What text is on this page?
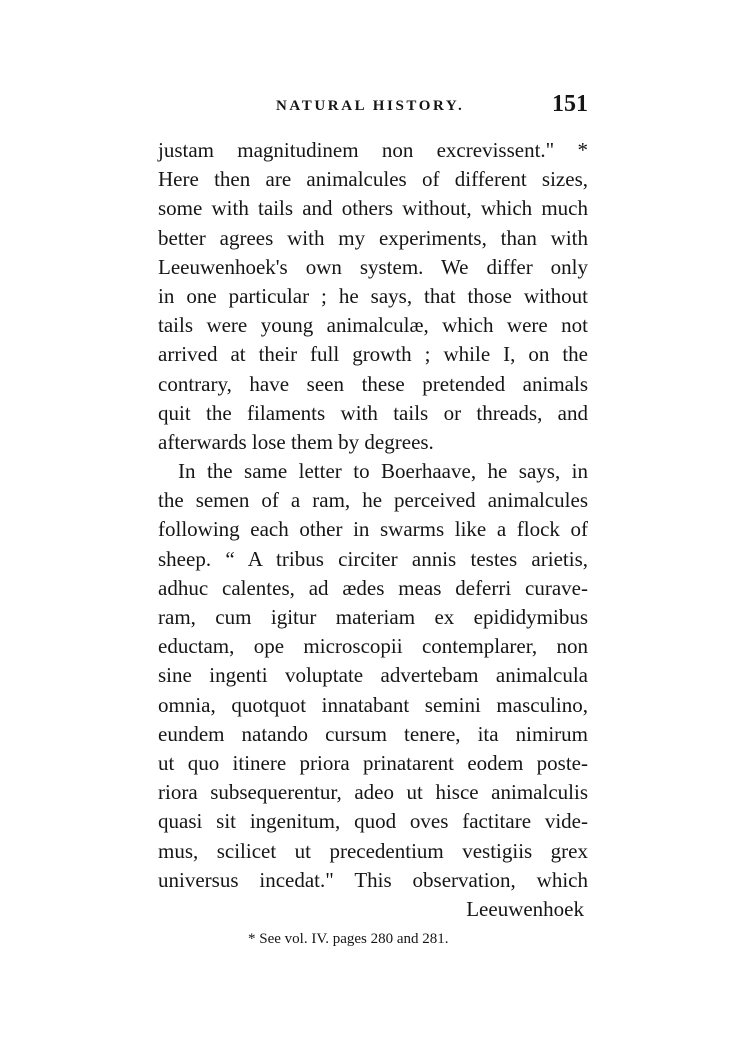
NATURAL HISTORY.	151
justam magnitudinem non excrevissent." *
Here then are animalcules of different sizes,
some with tails and others without, which much
better agrees with my experiments, than with
Leeuwenhoek's own system. We differ only
in one particular ; he says, that those without
tails were young animalculæ, which were not
arrived at their full growth ; while I, on the
contrary, have seen these pretended animals
quit the filaments with tails or threads, and
afterwards lose them by degrees.
In the same letter to Boerhaave, he says, in
the semen of a ram, he perceived animalcules
following each other in swarms like a flock of
sheep. “ A tribus circiter annis testes arietis,
adhuc calentes, ad ædes meas deferri curave-
ram, cum igitur materiam ex epididymibus
eductam, ope microscopii contemplarer, non
sine ingenti voluptate advertebam animalcula
omnia, quotquot innatabant semini masculino,
eundem natando cursum tenere, ita nimirum
ut quo itinere priora prinatarent eodem poste-
riora subsequerentur, adeo ut hisce animalculis
quasi sit ingenitum, quod oves factitare vide-
mus, scilicet ut precedentium vestigiis grex
universus incedat." This observation, which
Leeuwenhoek
* See vol. IV. pages 280 and 281.
